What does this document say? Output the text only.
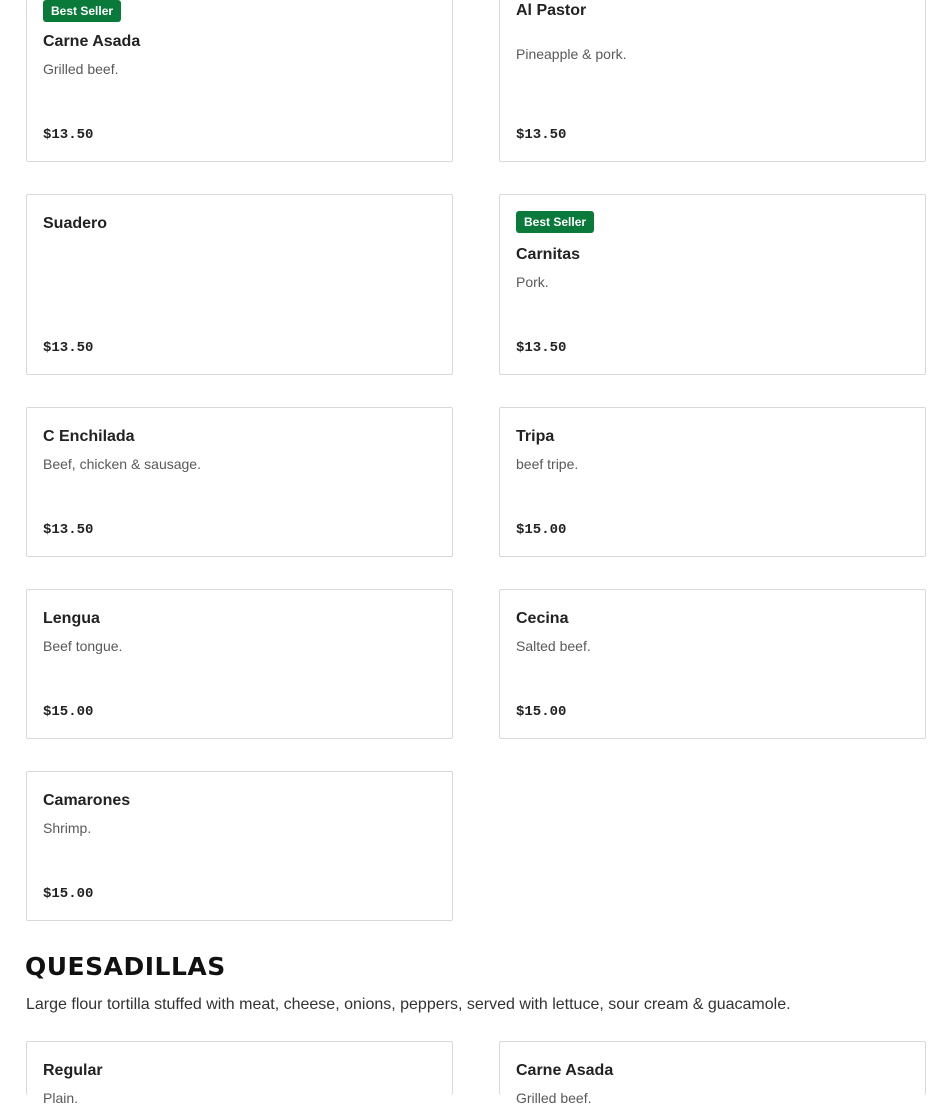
Best Seller
Carne Asada
Grilled beef.
$13.50
Al Pastor
Pineapple & pork.
$13.50
Suadero
$13.50
Best Seller
Carnitas
Pork.
$13.50
C Enchilada
Beef, chicken & sausage.
$13.50
Tripa
beef tripe.
$15.00
Lengua
Beef tongue.
$15.00
Cecina
Salted beef.
$15.00
Camarones
Shrimp.
$15.00
QUESADILLAS
Large flour tortilla stuffed with meat, cheese, onions, peppers, served with lettuce, sour cream & guacamole.
Regular
Plain.
Carne Asada
Grilled beef.
